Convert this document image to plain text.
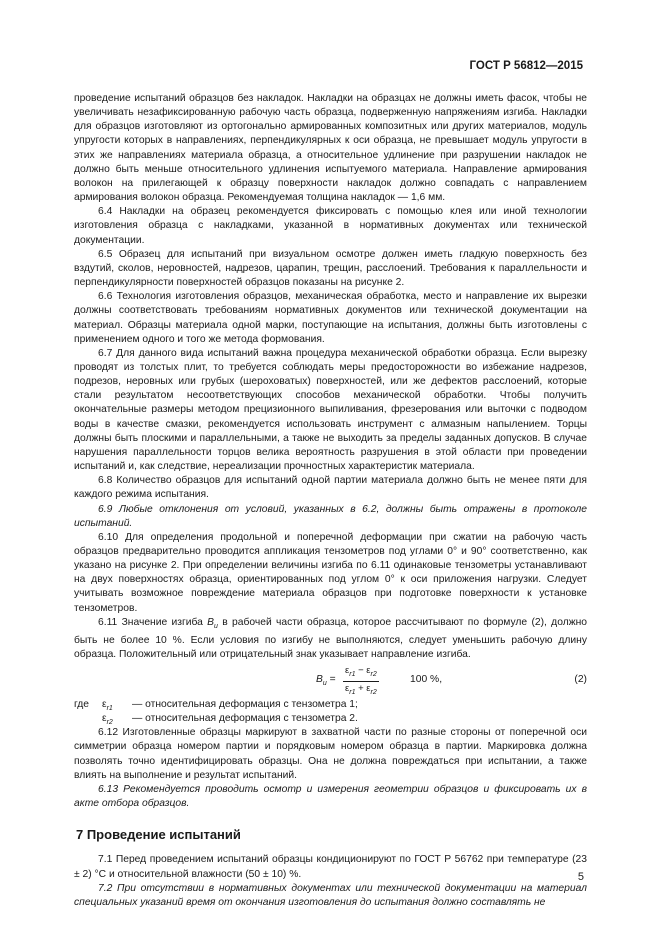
ГОСТ Р 56812—2015

проведение испытаний образцов без накладок. Накладки на образцах не должны иметь фасок, чтобы не увеличивать незафиксированную рабочую часть образца, подверженную напряжениям изгиба. Накладки для образцов изготовляют из ортогонально армированных композитных или других материалов, модуль упругости которых в направлениях, перпендикулярных к оси образца, не превышает модуль упругости в этих же направлениях материала образца, а относительное удлинение при разрушении накладок не должно быть меньше относительного удлинения испытуемого материала. Направление армирования волокон на прилегающей к образцу поверхности накладок должно совпадать с направлением армирования волокон образца. Рекомендуемая толщина накладок — 1,6 мм.

6.4 Накладки на образец рекомендуется фиксировать с помощью клея или иной технологии изготовления образца с накладками, указанной в нормативных документах или технической документации.

6.5 Образец для испытаний при визуальном осмотре должен иметь гладкую поверхность без вздутий, сколов, неровностей, надрезов, царапин, трещин, расслоений. Требования к параллельности и перпендикулярности поверхностей образцов показаны на рисунке 2.

6.6 Технология изготовления образцов, механическая обработка, место и направление их вырезки должны соответствовать требованиям нормативных документов или технической документации на материал. Образцы материала одной марки, поступающие на испытания, должны быть изготовлены с применением одного и того же метода формования.

6.7 Для данного вида испытаний важна процедура механической обработки образца. Если вырезку проводят из толстых плит, то требуется соблюдать меры предосторожности во избежание надрезов, подрезов, неровных или грубых (шероховатых) поверхностей, или же дефектов расслоений, которые стали результатом несоответствующих способов механической обработки. Чтобы получить окончательные размеры методом прецизионного выпиливания, фрезерования или выточки с подводом воды в качестве смазки, рекомендуется использовать инструмент с алмазным напылением. Торцы должны быть плоскими и параллельными, а также не выходить за пределы заданных допусков. В случае нарушения параллельности торцов велика вероятность разрушения в этой области при проведении испытаний и, как следствие, нереализации прочностных характеристик материала.

6.8 Количество образцов для испытаний одной партии материала должно быть не менее пяти для каждого режима испытания.

6.9 Любые отклонения от условий, указанных в 6.2, должны быть отражены в протоколе испытаний.

6.10 Для определения продольной и поперечной деформации при сжатии на рабочую часть образцов предварительно проводится аппликация тензометров под углами 0° и 90° соответственно, как указано на рисунке 2. При определении величины изгиба по 6.11 одинаковые тензометры устанавливают на двух поверхностях образца, ориентированных под углом 0° к оси приложения нагрузки. Следует учитывать возможное повреждение материала образцов при подготовке поверхности к установке тензометров.

6.11 Значение изгиба $B_и$ в рабочей части образца, которое рассчитывают по формуле (2), должно быть не более 10 %. Если условия по изгибу не выполняются, следует уменьшить рабочую длину образца. Положительный или отрицательный знак указывает направление изгиба.

$B_и = \frac{\varepsilon_{r1} - \varepsilon_{r2}}{\varepsilon_{r1} + \varepsilon_{r2}}$	100 %,	(2)
где $\varepsilon_{r1}$ — относительная деформация с тензометра 1;
$\varepsilon_{r2}$ — относительная деформация с тензометра 2.

6.12 Изготовленные образцы маркируют в захватной части по разные стороны от поперечной оси симметрии образца номером партии и порядковым номером образца в партии. Маркировка должна позволять точно идентифицировать образцы. Она не должна повреждаться при испытании, а также влиять на выполнение и результат испытаний.

6.13 Рекомендуется проводить осмотр и измерения геометрии образцов и фиксировать их в акте отбора образцов.

7 Проведение испытаний

7.1 Перед проведением испытаний образцы кондиционируют по ГОСТ Р 56762 при температуре (23 ± 2) °С и относительной влажности (50 ± 10) %.

7.2 При отсутствии в нормативных документах или технической документации на материал специальных указаний время от окончания изготовления до испытания должно составлять не

5
